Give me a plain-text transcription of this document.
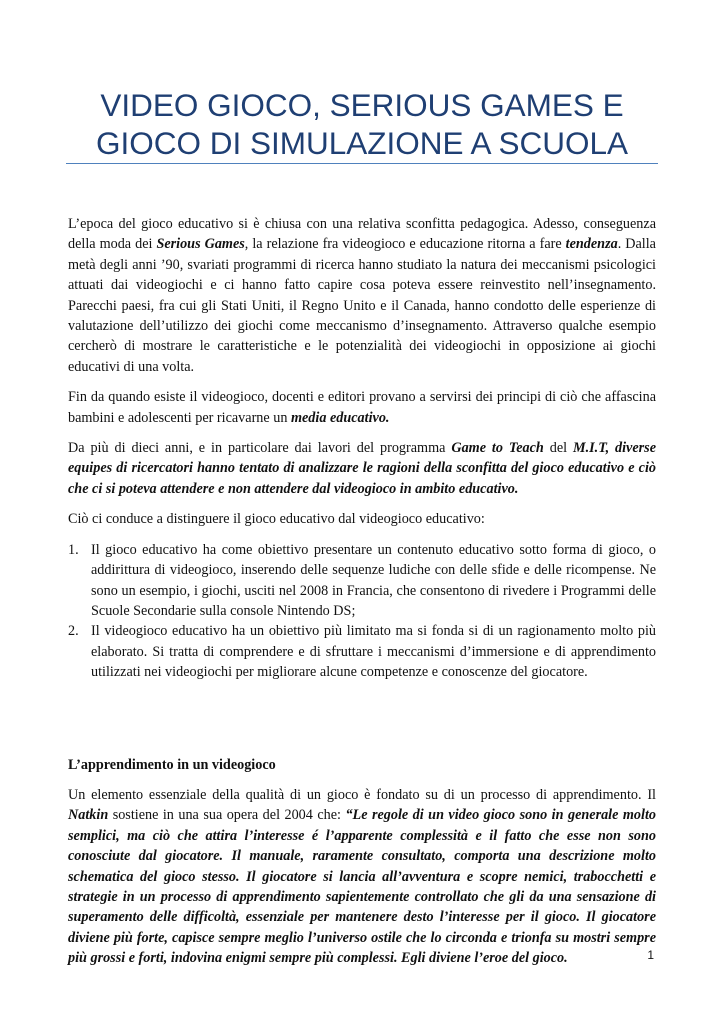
VIDEO GIOCO, SERIOUS GAMES E GIOCO DI SIMULAZIONE A SCUOLA

L’epoca del gioco educativo si è chiusa con una relativa sconfitta pedagogica. Adesso, conseguenza della moda dei Serious Games, la relazione fra videogioco e educazione ritorna a fare tendenza. Dalla metà degli anni ’90, svariati programmi di ricerca hanno studiato la natura dei meccanismi psicologici attuati dai videogiochi e ci hanno fatto capire cosa poteva essere reinvestito nell’insegnamento. Parecchi paesi, fra cui gli Stati Uniti, il Regno Unito e il Canada, hanno condotto delle esperienze di valutazione dell’utilizzo dei giochi come meccanismo d’insegnamento. Attraverso qualche esempio cercherò di mostrare le caratteristiche e le potenzialità dei videogiochi in opposizione ai giochi educativi di una volta.

Fin da quando esiste il videogioco, docenti e editori provano a servirsi dei principi di ciò che affascina bambini e adolescenti per ricavarne un media educativo.

Da più di dieci anni, e in particolare dai lavori del programma Game to Teach del M.I.T, diverse equipes di ricercatori hanno tentato di analizzare le ragioni della sconfitta del gioco educativo e ciò che ci si poteva attendere e non attendere dal videogioco in ambito educativo.

Ciò ci conduce a distinguere il gioco educativo dal videogioco educativo:

1. Il gioco educativo ha come obiettivo presentare un contenuto educativo sotto forma di gioco, o addirittura di videogioco, inserendo delle sequenze ludiche con delle sfide e delle ricompense. Ne sono un esempio, i giochi, usciti nel 2008 in Francia, che consentono di rivedere i Programmi delle Scuole Secondarie sulla console Nintendo DS;
2. Il videogioco educativo ha un obiettivo più limitato ma si fonda si di un ragionamento molto più elaborato. Si tratta di comprendere e di sfruttare i meccanismi d’immersione e di apprendimento utilizzati nei videogiochi per migliorare alcune competenze e conoscenze del giocatore.

L’apprendimento in un videogioco

Un elemento essenziale della qualità di un gioco è fondato su di un processo di apprendimento. Il Natkin sostiene in una sua opera del 2004 che: “Le regole di un video gioco sono in generale molto semplici, ma ciò che attira l’interesse é l’apparente complessità e il fatto che esse non sono conosciute dal giocatore. Il manuale, raramente consultato, comporta una descrizione molto schematica del gioco stesso. Il giocatore si lancia all’avventura e scopre nemici, trabocchetti e strategie in un processo di apprendimento sapientemente controllato che gli da una sensazione di superamento delle difficoltà, essenziale per mantenere desto l’interesse per il gioco. Il giocatore diviene più forte, capisce sempre meglio l’universo ostile che lo circonda e trionfa su mostri sempre più grossi e forti, indovina enigmi sempre più complessi. Egli diviene l’eroe del gioco.	1
